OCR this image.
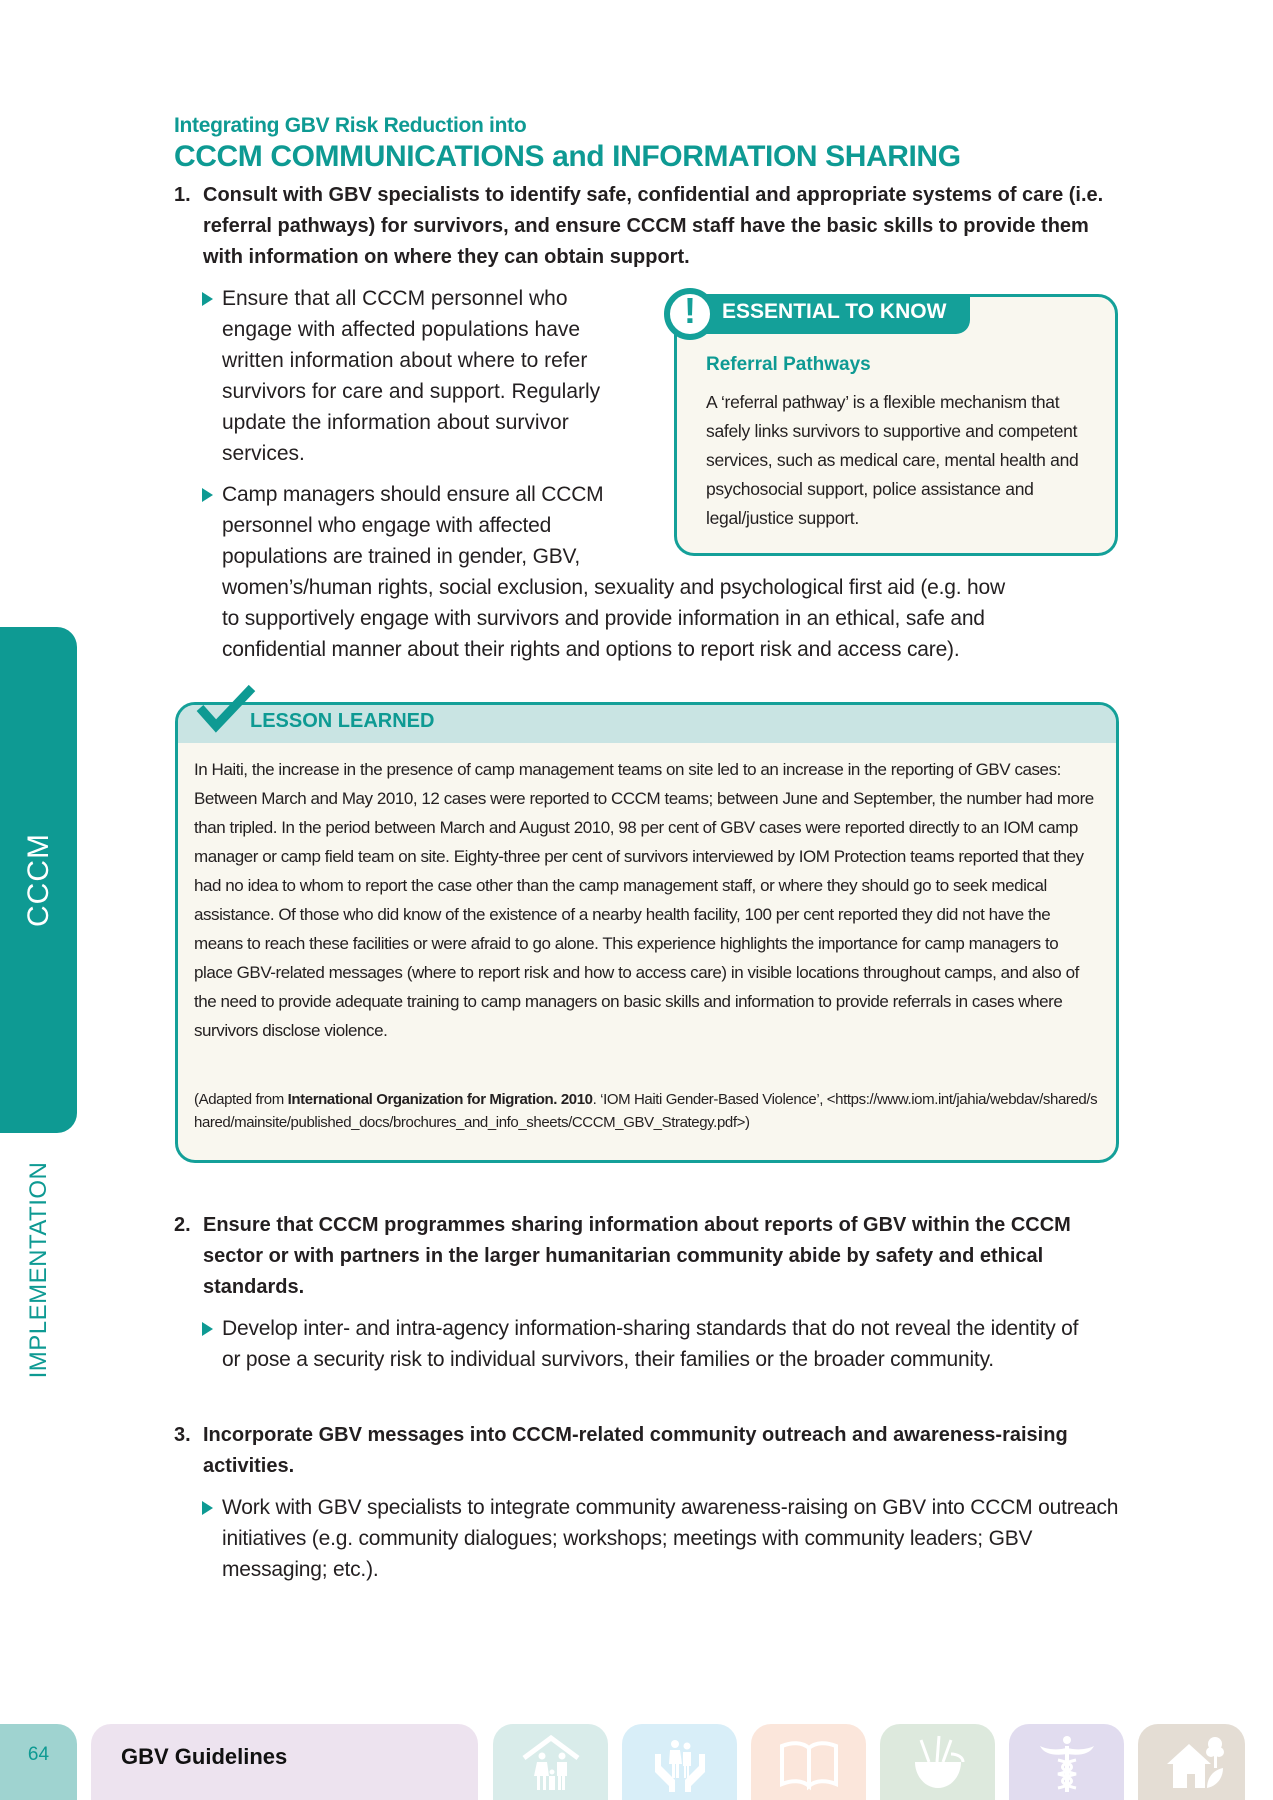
Integrating GBV Risk Reduction into
CCCM COMMUNICATIONS and INFORMATION SHARING
1. Consult with GBV specialists to identify safe, confidential and appropriate systems of care (i.e. referral pathways) for survivors, and ensure CCCM staff have the basic skills to provide them with information on where they can obtain support.
Ensure that all CCCM personnel who
engage with affected populations have
written information about where to refer
survivors for care and support. Regularly
update the information about survivor
services.
Camp managers should ensure all CCCM
personnel who engage with affected
populations are trained in gender, GBV,
women’s/human rights, social exclusion, sexuality and psychological first aid (e.g. how
to supportively engage with survivors and provide information in an ethical, safe and
confidential manner about their rights and options to report risk and access care).
!	ESSENTIAL TO KNOW
Referral Pathways
A ‘referral pathway’ is a flexible mechanism that safely links survivors to supportive and competent services, such as medical care, mental health and psychosocial support, police assistance and legal/justice support.
LESSON LEARNED
In Haiti, the increase in the presence of camp management teams on site led to an increase in the reporting of GBV cases: Between March and May 2010, 12 cases were reported to CCCM teams; between June and September, the number had more than tripled. In the period between March and August 2010, 98 per cent of GBV cases were reported directly to an IOM camp manager or camp field team on site. Eighty-three per cent of survivors interviewed by IOM Protection teams reported that they had no idea to whom to report the case other than the camp management staff, or where they should go to seek medical assistance. Of those who did know of the existence of a nearby health facility, 100 per cent reported they did not have the means to reach these facilities or were afraid to go alone. This experience highlights the importance for camp managers to place GBV-related messages (where to report risk and how to access care) in visible locations throughout camps, and also of the need to provide adequate training to camp managers on basic skills and information to provide referrals in cases where survivors disclose violence.
(Adapted from International Organization for Migration. 2010. ‘IOM Haiti Gender-Based Violence’, <https://www.iom.int/jahia/webdav/shared/shared/mainsite/published_docs/brochures_and_info_sheets/CCCM_GBV_Strategy.pdf>)
2. Ensure that CCCM programmes sharing information about reports of GBV within the CCCM sector or with partners in the larger humanitarian community abide by safety and ethical standards.
Develop inter- and intra-agency information-sharing standards that do not reveal the identity of or pose a security risk to individual survivors, their families or the broader community.
3. Incorporate GBV messages into CCCM-related community outreach and awareness-raising activities.
Work with GBV specialists to integrate community awareness-raising on GBV into CCCM outreach initiatives (e.g. community dialogues; workshops; meetings with community leaders; GBV messaging; etc.).
CCCM
IMPLEMENTATION
64	GBV Guidelines
